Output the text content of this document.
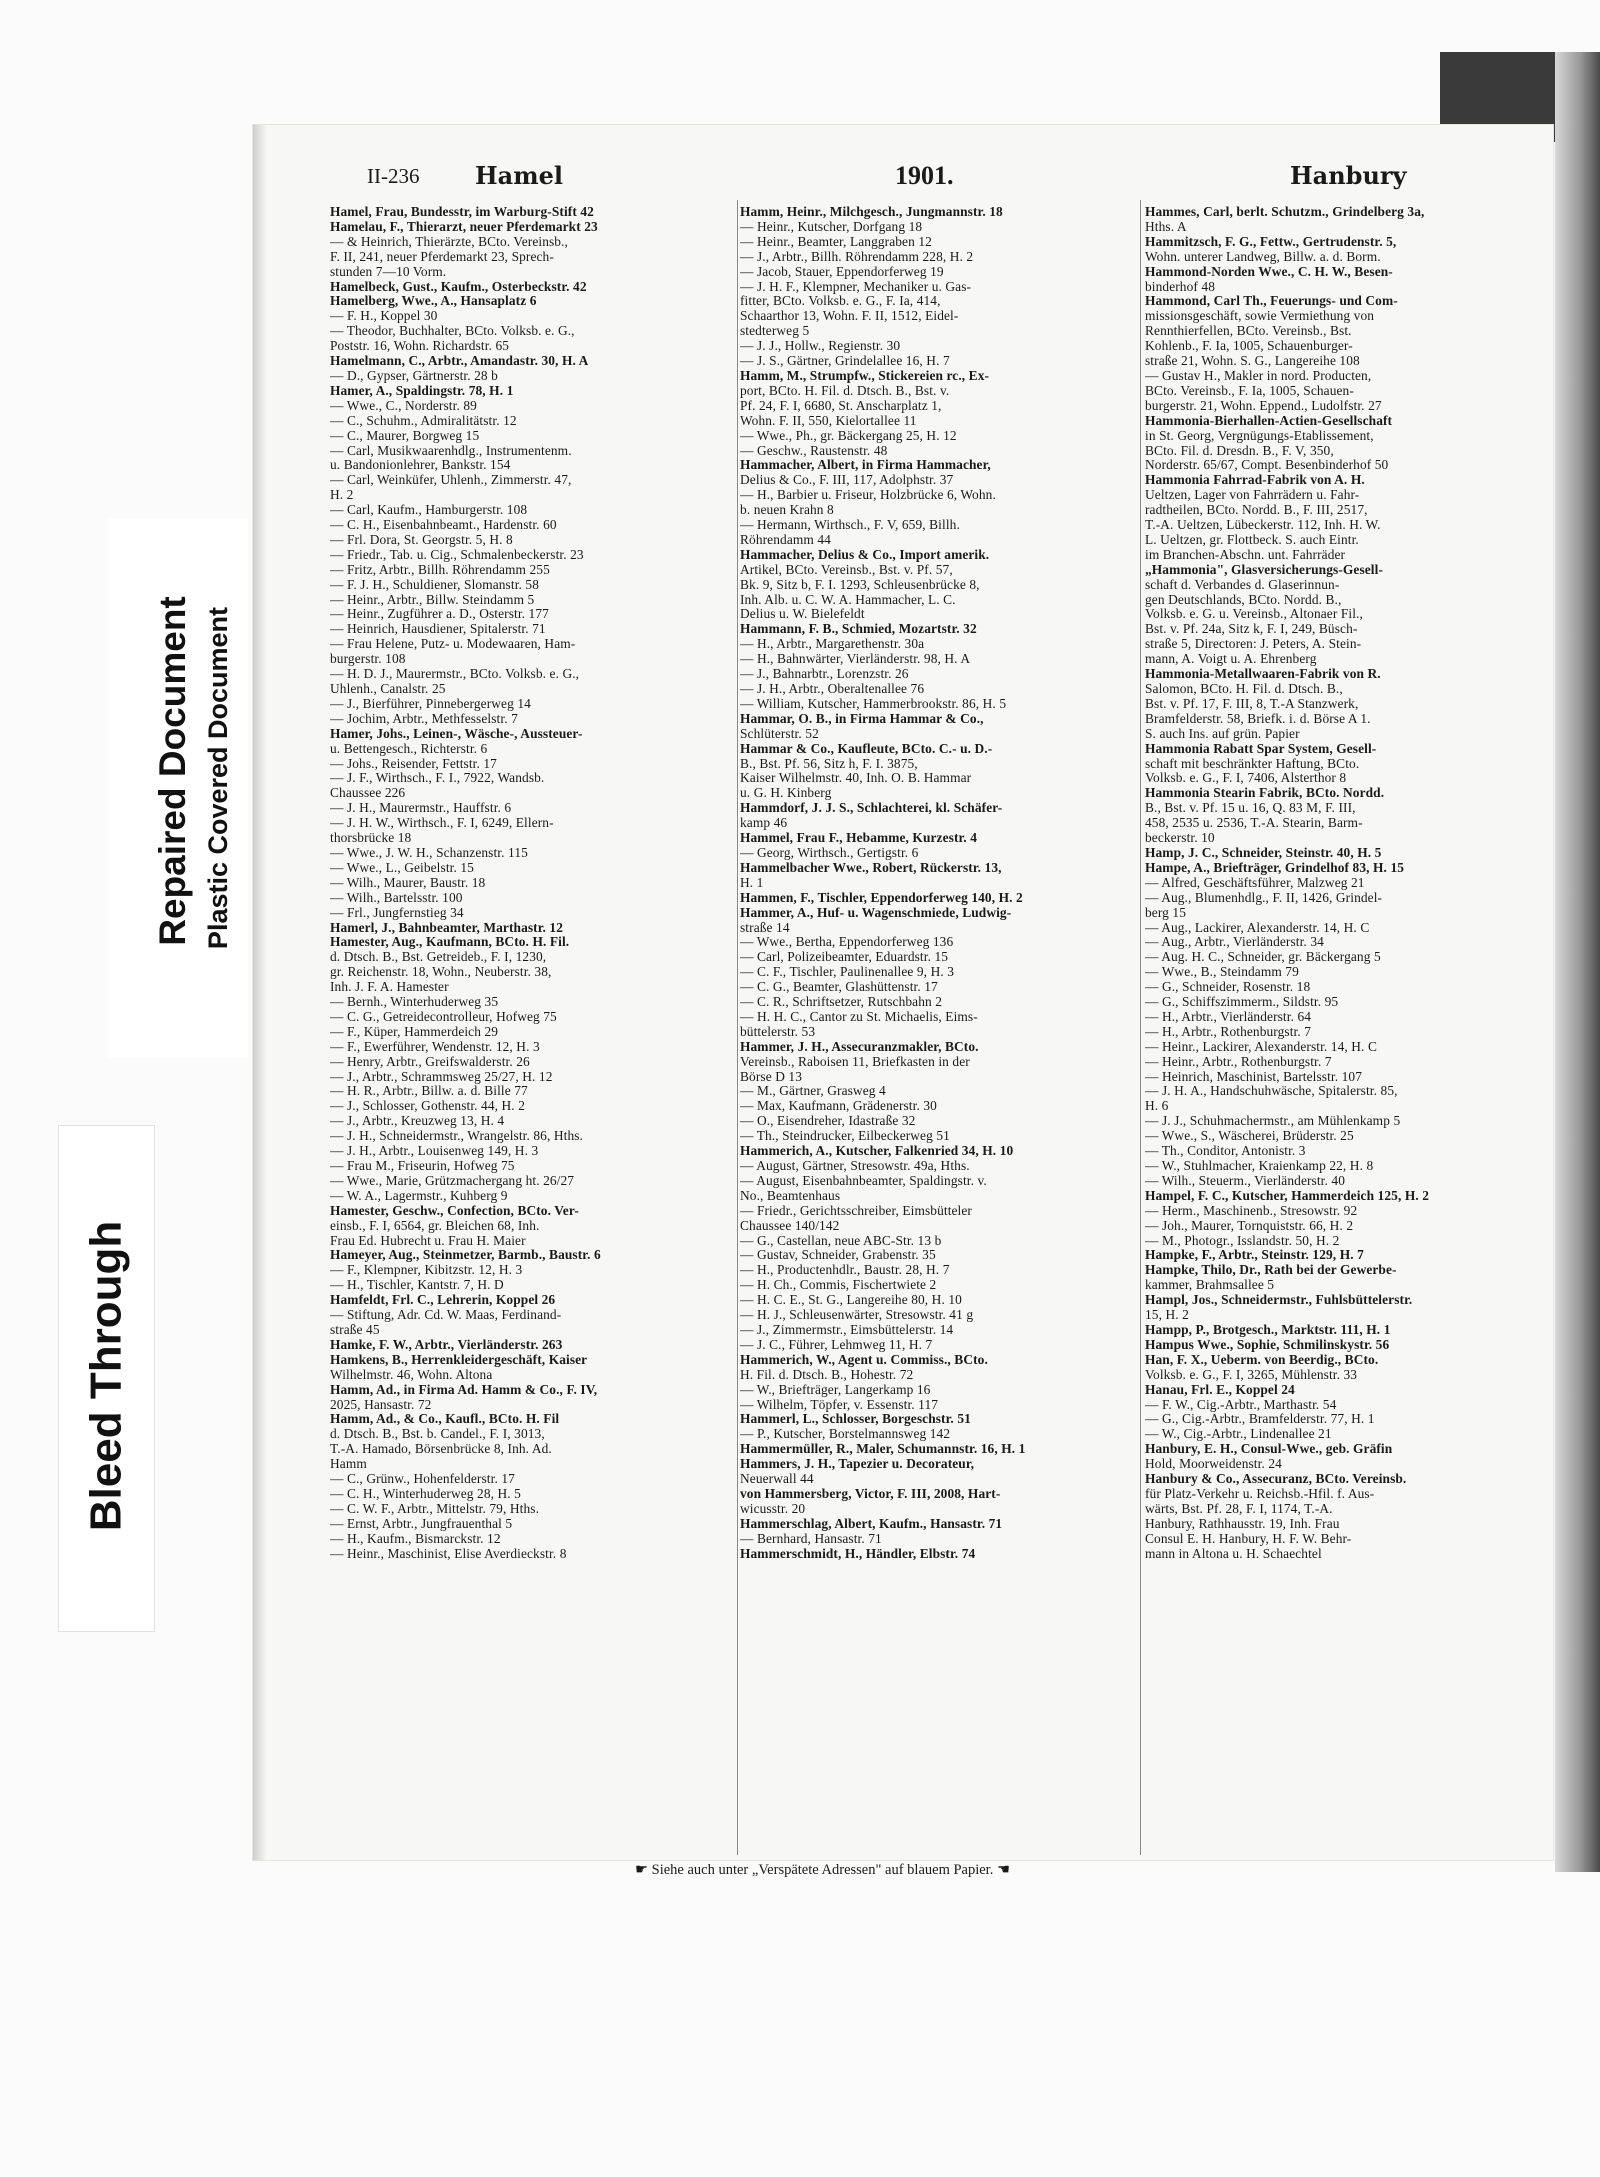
Bleed Through
Repaired Document Plastic Covered Document
II-236 Hamel	1901.	Hanbury
Hamel, Frau, Bundesstr, im Warburg-Stift 42
Hamelau, F., Thierarzt, neuer Pferdemarkt 23
— & Heinrich, Thierärzte, BCto. Vereinsb.,
F. II, 241, neuer Pferdemarkt 23, Sprech-
stunden 7—10 Vorm.
Hamelbeck, Gust., Kaufm., Osterbeckstr. 42
Hamelberg, Wwe., A., Hansaplatz 6
— F. H., Koppel 30
— Theodor, Buchhalter, BCto. Volksb. e. G.,
Poststr. 16, Wohn. Richardstr. 65
Hamelmann, C., Arbtr., Amandastr. 30, H. A
— D., Gypser, Gärtnerstr. 28 b
Hamer, A., Spaldingstr. 78, H. 1
— Wwe., C., Norderstr. 89
— C., Schuhm., Admiralitätstr. 12
— C., Maurer, Borgweg 15
— Carl, Musikwaarenhdlg., Instrumentenm.
u. Bandonionlehrer, Bankstr. 154
— Carl, Weinküfer, Uhlenh., Zimmerstr. 47,
H. 2
— Carl, Kaufm., Hamburgerstr. 108
— C. H., Eisenbahnbeamt., Hardenstr. 60
— Frl. Dora, St. Georgstr. 5, H. 8
— Friedr., Tab. u. Cig., Schmalenbeckerstr. 23
— Fritz, Arbtr., Billh. Röhrendamm 255
— F. J. H., Schuldiener, Slomanstr. 58
— Heinr., Arbtr., Billw. Steindamm 5
— Heinr., Zugführer a. D., Osterstr. 177
— Heinrich, Hausdiener, Spitalerstr. 71
— Frau Helene, Putz- u. Modewaaren, Ham-
burgerstr. 108
— H. D. J., Maurermstr., BCto. Volksb. e. G.,
Uhlenh., Canalstr. 25
— J., Bierführer, Pinnebergerweg 14
— Jochim, Arbtr., Methfesselstr. 7
Hamer, Johs., Leinen-, Wäsche-, Aussteuer-
u. Bettengesch., Richterstr. 6
— Johs., Reisender, Fettstr. 17
— J. F., Wirthsch., F. I., 7922, Wandsb.
Chaussee 226
— J. H., Maurermstr., Hauffstr. 6
— J. H. W., Wirthsch., F. I, 6249, Ellern-
thorsbrücke 18
— Wwe., J. W. H., Schanzenstr. 115
— Wwe., L., Geibelstr. 15
— Wilh., Maurer, Baustr. 18
— Wilh., Bartelsstr. 100
— Frl., Jungfernstieg 34
Hamerl, J., Bahnbeamter, Marthastr. 12
Hamester, Aug., Kaufmann, BCto. H. Fil.
d. Dtsch. B., Bst. Getreideb., F. I, 1230,
gr. Reichenstr. 18, Wohn., Neuberstr. 38,
Inh. J. F. A. Hamester
— Bernh., Winterhuderweg 35
— C. G., Getreidecontrolleur, Hofweg 75
— F., Küper, Hammerdeich 29
— F., Ewerführer, Wendenstr. 12, H. 3
— Henry, Arbtr., Greifswalderstr. 26
— J., Arbtr., Schrammsweg 25/27, H. 12
— H. R., Arbtr., Billw. a. d. Bille 77
— J., Schlosser, Gothenstr. 44, H. 2
— J., Arbtr., Kreuzweg 13, H. 4
— J. H., Schneidermstr., Wrangelstr. 86, Hths.
— J. H., Arbtr., Louisenweg 149, H. 3
— Frau M., Friseurin, Hofweg 75
— Wwe., Marie, Grützmachergang ht. 26/27
— W. A., Lagermstr., Kuhberg 9
Hamester, Geschw., Confection, BCto. Ver-
einsb., F. I, 6564, gr. Bleichen 68, Inh.
Frau Ed. Hubrecht u. Frau H. Maier
Hameyer, Aug., Steinmetzer, Barmb., Baustr. 6
— F., Klempner, Kibitzstr. 12, H. 3
— H., Tischler, Kantstr. 7, H. D
Hamfeldt, Frl. C., Lehrerin, Koppel 26
— Stiftung, Adr. Cd. W. Maas, Ferdinand-
straße 45
Hamke, F. W., Arbtr., Vierländerstr. 263
Hamkens, B., Herrenkleidergeschäft, Kaiser
Wilhelmstr. 46, Wohn. Altona
Hamm, Ad., in Firma Ad. Hamm & Co., F. IV,
2025, Hansastr. 72
Hamm, Ad., & Co., Kaufl., BCto. H. Fil
d. Dtsch. B., Bst. b. Candel., F. I, 3013,
T.-A. Hamado, Börsenbrücke 8, Inh. Ad.
Hamm
— C., Grünw., Hohenfelderstr. 17
— C. H., Winterhuderweg 28, H. 5
— C. W. F., Arbtr., Mittelstr. 79, Hths.
— Ernst, Arbtr., Jungfrauenthal 5
— H., Kaufm., Bismarckstr. 12
— Heinr., Maschinist, Elise Averdieckstr. 8
Hamm, Heinr., Milchgesch., Jungmannstr. 18
— Heinr., Kutscher, Dorfgang 18
— Heinr., Beamter, Langgraben 12
— J., Arbtr., Billh. Röhrendamm 228, H. 2
— Jacob, Stauer, Eppendorferweg 19
— J. H. F., Klempner, Mechaniker u. Gas-
fitter, BCto. Volksb. e. G., F. Ia, 414,
Schaarthor 13, Wohn. F. II, 1512, Eidel-
stedterweg 5
— J. J., Hollw., Regienstr. 30
— J. S., Gärtner, Grindelallee 16, H. 7
Hamm, M., Strumpfw., Stickereien rc., Ex-
port, BCto. H. Fil. d. Dtsch. B., Bst. v.
Pf. 24, F. I, 6680, St. Anscharplatz 1,
Wohn. F. II, 550, Kielortallee 11
— Wwe., Ph., gr. Bäckergang 25, H. 12
— Geschw., Raustenstr. 48
Hammacher, Albert, in Firma Hammacher,
Delius & Co., F. III, 117, Adolphstr. 37
— H., Barbier u. Friseur, Holzbrücke 6, Wohn.
b. neuen Krahn 8
— Hermann, Wirthsch., F. V, 659, Billh.
Röhrendamm 44
Hammacher, Delius & Co., Import amerik.
Artikel, BCto. Vereinsb., Bst. v. Pf. 57,
Bk. 9, Sitz b, F. I. 1293, Schleusenbrücke 8,
Inh. Alb. u. C. W. A. Hammacher, L. C.
Delius u. W. Bielefeldt
Hammann, F. B., Schmied, Mozartstr. 32
— H., Arbtr., Margarethenstr. 30a
— H., Bahnwärter, Vierländerstr. 98, H. A
— J., Bahnarbtr., Lorenzstr. 26
— J. H., Arbtr., Oberaltenallee 76
— William, Kutscher, Hammerbrookstr. 86, H. 5
Hammar, O. B., in Firma Hammar & Co.,
Schlüterstr. 52
Hammar & Co., Kaufleute, BCto. C.- u. D.-
B., Bst. Pf. 56, Sitz h, F. I. 3875,
Kaiser Wilhelmstr. 40, Inh. O. B. Hammar
u. G. H. Kinberg
Hammdorf, J. J. S., Schlachterei, kl. Schäfer-
kamp 46
Hammel, Frau F., Hebamme, Kurzestr. 4
— Georg, Wirthsch., Gertigstr. 6
Hammelbacher Wwe., Robert, Rückerstr. 13,
H. 1
Hammen, F., Tischler, Eppendorferweg 140, H. 2
Hammer, A., Huf- u. Wagenschmiede, Ludwig-
straße 14
— Wwe., Bertha, Eppendorferweg 136
— Carl, Polizeibeamter, Eduardstr. 15
— C. F., Tischler, Paulinenallee 9, H. 3
— C. G., Beamter, Glashüttenstr. 17
— C. R., Schriftsetzer, Rutschbahn 2
— H. H. C., Cantor zu St. Michaelis, Eims-
büttelerstr. 53
Hammer, J. H., Assecuranzmakler, BCto.
Vereinsb., Raboisen 11, Briefkasten in der
Börse D 13
— M., Gärtner, Grasweg 4
— Max, Kaufmann, Grädenerstr. 30
— O., Eisendreher, Idastraße 32
— Th., Steindrucker, Eilbeckerweg 51
Hammerich, A., Kutscher, Falkenried 34, H. 10
— August, Gärtner, Stresowstr. 49a, Hths.
— August, Eisenbahnbeamter, Spaldingstr. v.
No., Beamtenhaus
— Friedr., Gerichtsschreiber, Eimsbütteler
Chaussee 140/142
— G., Castellan, neue ABC-Str. 13 b
— Gustav, Schneider, Grabenstr. 35
— H., Productenhdlr., Baustr. 28, H. 7
— H. Ch., Commis, Fischertwiete 2
— H. C. E., St. G., Langereihe 80, H. 10
— H. J., Schleusenwärter, Stresowstr. 41 g
— J., Zimmermstr., Eimsbüttelerstr. 14
— J. C., Führer, Lehmweg 11, H. 7
Hammerich, W., Agent u. Commiss., BCto.
H. Fil. d. Dtsch. B., Hohestr. 72
— W., Briefträger, Langerkamp 16
— Wilhelm, Töpfer, v. Essenstr. 117
Hammerl, L., Schlosser, Borgeschstr. 51
— P., Kutscher, Borstelmannsweg 142
Hammermüller, R., Maler, Schumannstr. 16, H. 1
Hammers, J. H., Tapezier u. Decorateur,
Neuerwall 44
von Hammersberg, Victor, F. III, 2008, Hart-
wicusstr. 20
Hammerschlag, Albert, Kaufm., Hansastr. 71
— Bernhard, Hansastr. 71
Hammerschmidt, H., Händler, Elbstr. 74
Hammes, Carl, berlt. Schutzm., Grindelberg 3a,
Hths. A
Hammitzsch, F. G., Fettw., Gertrudenstr. 5,
Wohn. unterer Landweg, Billw. a. d. Borm.
Hammond-Norden Wwe., C. H. W., Besen-
binderhof 48
Hammond, Carl Th., Feuerungs- und Com-
missionsgeschäft, sowie Vermiethung von
Rennthierfellen, BCto. Vereinsb., Bst.
Kohlenb., F. Ia, 1005, Schauenburger-
straße 21, Wohn. S. G., Langereihe 108
— Gustav H., Makler in nord. Producten,
BCto. Vereinsb., F. Ia, 1005, Schauen-
burgerstr. 21, Wohn. Eppend., Ludolfstr. 27
Hammonia-Bierhallen-Actien-Gesellschaft
in St. Georg, Vergnügungs-Etablissement,
BCto. Fil. d. Dresdn. B., F. V, 350,
Norderstr. 65/67, Compt. Besenbinderhof 50
Hammonia Fahrrad-Fabrik von A. H.
Ueltzen, Lager von Fahrrädern u. Fahr-
radtheilen, BCto. Nordd. B., F. III, 2517,
T.-A. Ueltzen, Lübeckerstr. 112, Inh. H. W.
L. Ueltzen, gr. Flottbeck. S. auch Eintr.
im Branchen-Abschn. unt. Fahrräder
„Hammonia", Glasversicherungs-Gesell-
schaft d. Verbandes d. Glaserinnun-
gen Deutschlands, BCto. Nordd. B.,
Volksb. e. G. u. Vereinsb., Altonaer Fil.,
Bst. v. Pf. 24a, Sitz k, F. I, 249, Büsch-
straße 5, Directoren: J. Peters, A. Stein-
mann, A. Voigt u. A. Ehrenberg
Hammonia-Metallwaaren-Fabrik von R.
Salomon, BCto. H. Fil. d. Dtsch. B.,
Bst. v. Pf. 17, F. III, 8, T.-A Stanzwerk,
Bramfelderstr. 58, Briefk. i. d. Börse A 1.
S. auch Ins. auf grün. Papier
Hammonia Rabatt Spar System, Gesell-
schaft mit beschränkter Haftung, BCto.
Volksb. e. G., F. I, 7406, Alsterthor 8
Hammonia Stearin Fabrik, BCto. Nordd.
B., Bst. v. Pf. 15 u. 16, Q. 83 M, F. III,
458, 2535 u. 2536, T.-A. Stearin, Barm-
beckerstr. 10
Hamp, J. C., Schneider, Steinstr. 40, H. 5
Hampe, A., Briefträger, Grindelhof 83, H. 15
— Alfred, Geschäftsführer, Malzweg 21
— Aug., Blumenhdlg., F. II, 1426, Grindel-
berg 15
— Aug., Lackirer, Alexanderstr. 14, H. C
— Aug., Arbtr., Vierländerstr. 34
— Aug. H. C., Schneider, gr. Bäckergang 5
— Wwe., B., Steindamm 79
— G., Schneider, Rosenstr. 18
— G., Schiffszimmerm., Sildstr. 95
— H., Arbtr., Vierländerstr. 64
— H., Arbtr., Rothenburgstr. 7
— Heinr., Lackirer, Alexanderstr. 14, H. C
— Heinr., Arbtr., Rothenburgstr. 7
— Heinrich, Maschinist, Bartelsstr. 107
— J. H. A., Handschuhwäsche, Spitalerstr. 85,
H. 6
— J. J., Schuhmachermstr., am Mühlenkamp 5
— Wwe., S., Wäscherei, Brüderstr. 25
— Th., Conditor, Antonistr. 3
— W., Stuhlmacher, Kraienkamp 22, H. 8
— Wilh., Steuerm., Vierländerstr. 40
Hampel, F. C., Kutscher, Hammerdeich 125, H. 2
— Herm., Maschinenb., Stresowstr. 92
— Joh., Maurer, Tornquiststr. 66, H. 2
— M., Photogr., Isslandstr. 50, H. 2
Hampke, F., Arbtr., Steinstr. 129, H. 7
Hampke, Thilo, Dr., Rath bei der Gewerbe-
kammer, Brahmsallee 5
Hampl, Jos., Schneidermstr., Fuhlsbüttelerstr.
15, H. 2
Hampp, P., Brotgesch., Marktstr. 111, H. 1
Hampus Wwe., Sophie, Schmilinskystr. 56
Han, F. X., Ueberm. von Beerdig., BCto.
Volksb. e. G., F. I, 3265, Mühlenstr. 33
Hanau, Frl. E., Koppel 24
— F. W., Cig.-Arbtr., Marthastr. 54
— G., Cig.-Arbtr., Bramfelderstr. 77, H. 1
— W., Cig.-Arbtr., Lindenallee 21
Hanbury, E. H., Consul-Wwe., geb. Gräfin
Hold, Moorweidenstr. 24
Hanbury & Co., Assecuranz, BCto. Vereinsb.
für Platz-Verkehr u. Reichsb.-Hfil. f. Aus-
wärts, Bst. Pf. 28, F. I, 1174, T.-A.
Hanbury, Rathhausstr. 19, Inh. Frau
Consul E. H. Hanbury, H. F. W. Behr-
mann in Altona u. H. Schaechtel
☛ Siehe auch unter „Verspätete Adressen" auf blauem Papier. ☚
